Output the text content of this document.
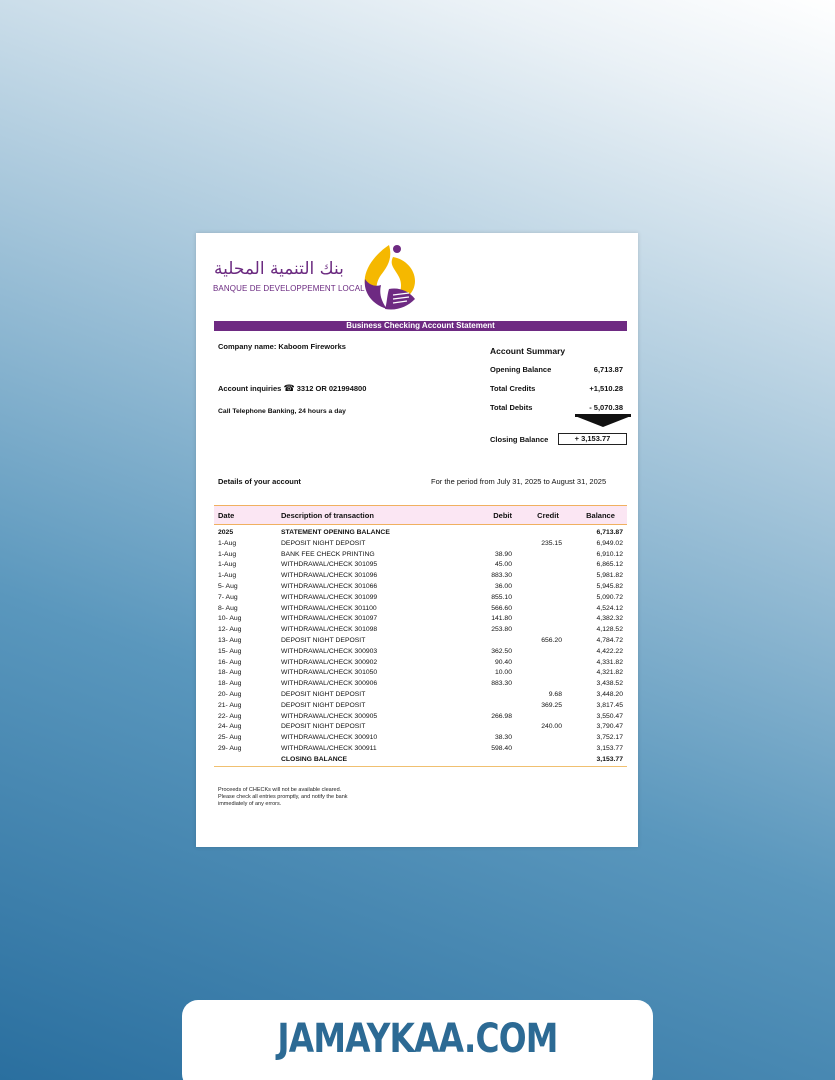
بنك التنمية المحلية
BANQUE DE DEVELOPPEMENT LOCAL
Business Checking Account Statement
Company name: Kaboom Fireworks
Account inquiries ☎ 3312 OR 021994800
Call Telephone Banking, 24 hours a day
Account Summary
Opening Balance	6,713.87
Total Credits	+1,510.28
Total Debits	- 5,070.38
Closing Balance	+ 3,153.77
Details of your account	For the period from July 31, 2025 to August 31, 2025
Date	Description of transaction	Debit	Credit	Balance
2025	STATEMENT OPENING BALANCE			6,713.87
1-Aug	DEPOSIT NIGHT DEPOSIT		235.15	6,949.02
1-Aug	BANK FEE CHECK PRINTING	38.90		6,910.12
1-Aug	WITHDRAWAL/CHECK 301095	45.00		6,865.12
1-Aug	WITHDRAWAL/CHECK 301096	883.30		5,981.82
5- Aug	WITHDRAWAL/CHECK 301066	36.00		5,945.82
7- Aug	WITHDRAWAL/CHECK 301099	855.10		5,090.72
8- Aug	WITHDRAWAL/CHECK 301100	566.60		4,524.12
10- Aug	WITHDRAWAL/CHECK 301097	141.80		4,382.32
12- Aug	WITHDRAWAL/CHECK 301098	253.80		4,128.52
13- Aug	DEPOSIT NIGHT DEPOSIT		656.20	4,784.72
15- Aug	WITHDRAWAL/CHECK 300903	362.50		4,422.22
16- Aug	WITHDRAWAL/CHECK 300902	90.40		4,331.82
18- Aug	WITHDRAWAL/CHECK 301050	10.00		4,321.82
18- Aug	WITHDRAWAL/CHECK 300906	883.30		3,438.52
20- Aug	DEPOSIT NIGHT DEPOSIT		9.68	3,448.20
21- Aug	DEPOSIT NIGHT DEPOSIT		369.25	3,817.45
22- Aug	WITHDRAWAL/CHECK 300905	266.98		3,550.47
24- Aug	DEPOSIT NIGHT DEPOSIT		240.00	3,790.47
25- Aug	WITHDRAWAL/CHECK 300910	38.30		3,752.17
29- Aug	WITHDRAWAL/CHECK 300911	598.40		3,153.77
	CLOSING BALANCE			3,153.77
Proceeds of CHECKs will not be available cleared. Please check all entries promptly, and notify the bank immediately of any errors.
JAMAYKAA.COM
